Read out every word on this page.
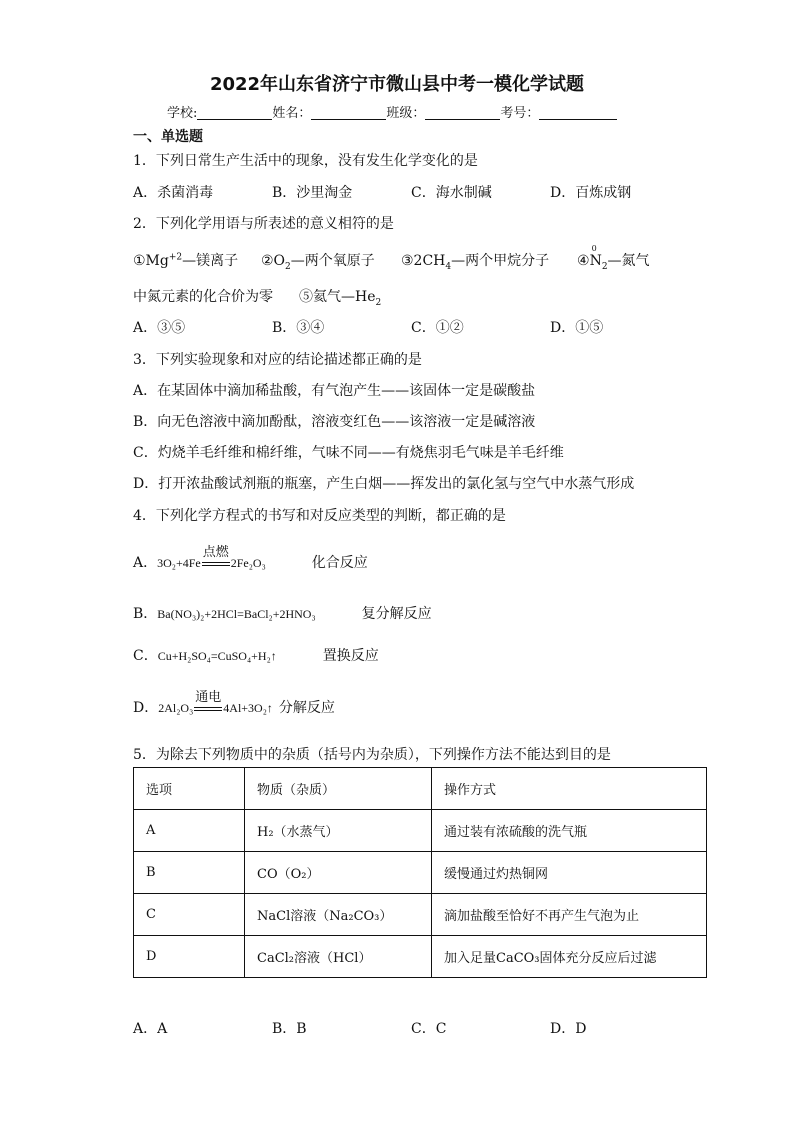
2022年山东省济宁市微山县中考一模化学试题
学校:	姓名：	班级：	考号：
一、单选题
1．下列日常生产生活中的现象，没有发生化学变化的是
A．杀菌消毒	B．沙里淘金	C．海水制碱	D．百炼成钢
2．下列化学用语与所表述的意义相符的是
$①Mg^{+2}—$镁离子 $②O_2—$两个氧原子 $③2CH_4—$两个甲烷分子 ④
0
$N_2—$氮气
中氮元素的化合价为零 ⑤氦气$—He_2$
A．③⑤	B．③④	C．①②	D．①⑤
3．下列实验现象和对应的结论描述都正确的是
A．在某固体中滴加稀盐酸，有气泡产生——该固体一定是碳酸盐
B．向无色溶液中滴加酚酞，溶液变红色——该溶液一定是碱溶液
C．灼烧羊毛纤维和棉纤维，气味不同——有烧焦羽毛气味是羊毛纤维
D．打开浓盐酸试剂瓶的瓶塞，产生白烟——挥发出的氯化氢与空气中水蒸气形成
4．下列化学方程式的书写和对反应类型的判断，都正确的是
A．3O₂+4Fe
点燃
2Fe₂O₃	化合反应
B．Ba(NO₃)₂+2HCl=BaCl₂+2HNO₃	复分解反应
C．Cu+H₂SO₄=CuSO₄+H₂↑	置换反应
D．2Al₂O₃
通电
4Al+3O₂↑ 分解反应
5．为除去下列物质中的杂质（括号内为杂质），下列操作方法不能达到目的是
选项	物质（杂质）	操作方式
A	H₂（水蒸气）	通过装有浓硫酸的洗气瓶
B	CO（O₂）	缓慢通过灼热铜网
C	NaCl溶液（Na₂CO₃）	滴加盐酸至恰好不再产生气泡为止
D	CaCl₂溶液（HCl）	加入足量CaCO₃固体充分反应后过滤
A．A	B．B	C．C	D．D
